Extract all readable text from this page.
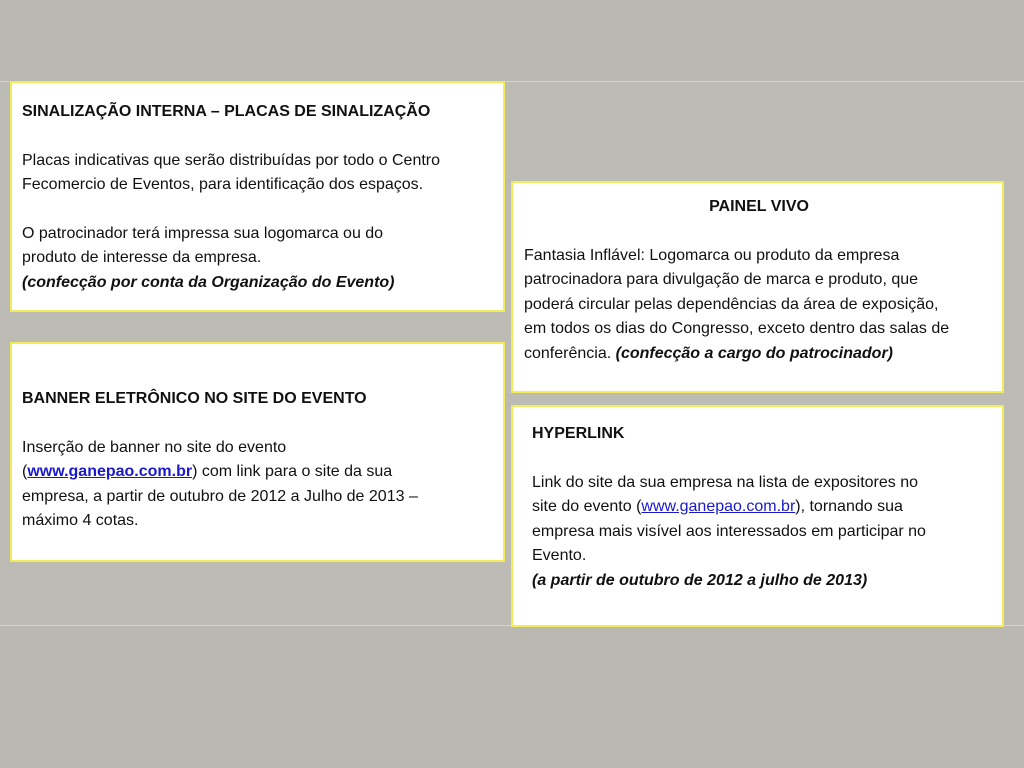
SINALIZAÇÃO INTERNA – PLACAS DE SINALIZAÇÃO

Placas indicativas que serão distribuídas por todo o Centro

Fecomercio de Eventos, para identificação dos espaços.

O patrocinador terá impressa sua logomarca ou do

produto de interesse da empresa.

(confecção por conta da Organização do Evento)

BANNER ELETRÔNICO NO SITE DO EVENTO

Inserção de banner no site do evento

(www.ganepao.com.br) com link para o site da sua

empresa, a partir de outubro de 2012 a Julho de 2013 –

máximo 4 cotas.

PAINEL VIVO

Fantasia Inflável: Logomarca ou produto da empresa

patrocinadora para divulgação de marca e produto, que

poderá circular pelas dependências da área de exposição,

em todos os dias do Congresso, exceto dentro das salas de

conferência. (confecção a cargo do patrocinador)

HYPERLINK

Link do site da sua empresa na lista de expositores no

site do evento (www.ganepao.com.br), tornando sua

empresa mais visível aos interessados em participar no

Evento.

(a partir de outubro de 2012 a julho de 2013)
